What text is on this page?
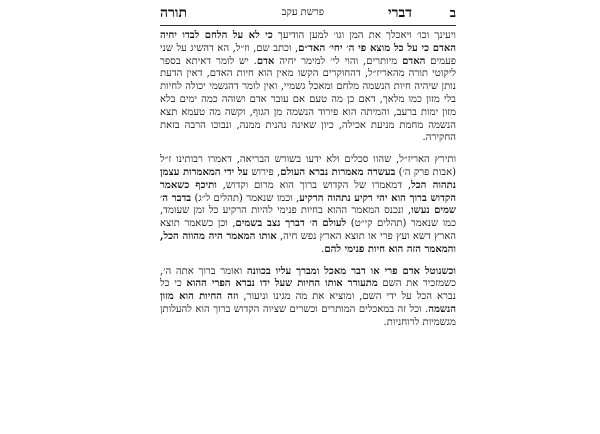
ב
דברי
פרשת עקב
תורה

ויעינך וכו׳ ויאכלך את המן וגו׳ למען הודיעך כי לא על הלחם לבדו יחיה האדם כי על כל מוצא פי ה׳ יחי׳ האד״ם, וכתב שם, וז״ל, הא דהשיג על שני פעמים האדם מיותרים, והוי לי׳ למימר יחיה אדם. יש לומר דאיתא בספר ליקוטי תורה מהאריז״ל, דהחוקרים הקשו מאין הוא חיות האדם, דאין הדעת נותן שיהיה חיות הנשמה מלחם ומאכל גשמיי, ואין לומר דהגשמי יכולה לחיות בלי מזון כמו מלאך, דאם כן מה טעם אם עובר אדם ושוהה כמה ימים בלא מזון ימות ברעב, והמיתה הוא פירוד הנשמה מן הגוף, וקשה מה טעמא תצא הנשמה מחמת מניעת אכילה, כיון שאינה נהנית ממנה, ונבוכו הרבה בזאת החקירה.

ותירץ האריז״ל, שהוו סכלים ולא ידעו בשורש הבריאה, דאמרו רבותינו ז״ל (אבות פרק ה׳) בעשרה מאמרות נברא העולם, פירוש על ידי המאמרות עצמן נתהוה הכל, דמאמרו של הקדוש ברוך הוא מרום וקדוש, ותיכף כשאמר הקדוש ברוך הוא יהי רקיע נתהוה הרקיע, וכמו שנאמר (תהלים ל״ג) בדבר ה׳ שמים נעשו, ונכנס המאמר ההוא בחיות פנימי להיות הרקיע כל זמן שעומד, כמו שנאמר (תהלים קי״ט) לעולם ה׳ דברך נצב בשמים, וכן כשאמר תוצא הארץ דשא ועץ פרי או תוצא הארץ נפש חיה, אותו המאמר היה מהווה הכל, והמאמר הזה הוא חיות פנימי להם.

וכשנוטל אדם פרי או דבר מאכל ומברך עליו בכוונה ואומר ברוך אתה ה׳, כשמזכיר את השם מתעורר אותו החיות שעל ידו נברא הפרי ההוא כי כל נברא הכל על ידי השם, ומוציא את מה מגינו וניעור, וזה החיות הוא מזון הנשמה. וכל זה במאכלים המותרים וכשרים שציוה הקדוש ברוך הוא להעלותן מגשמיות לרוחניות.
